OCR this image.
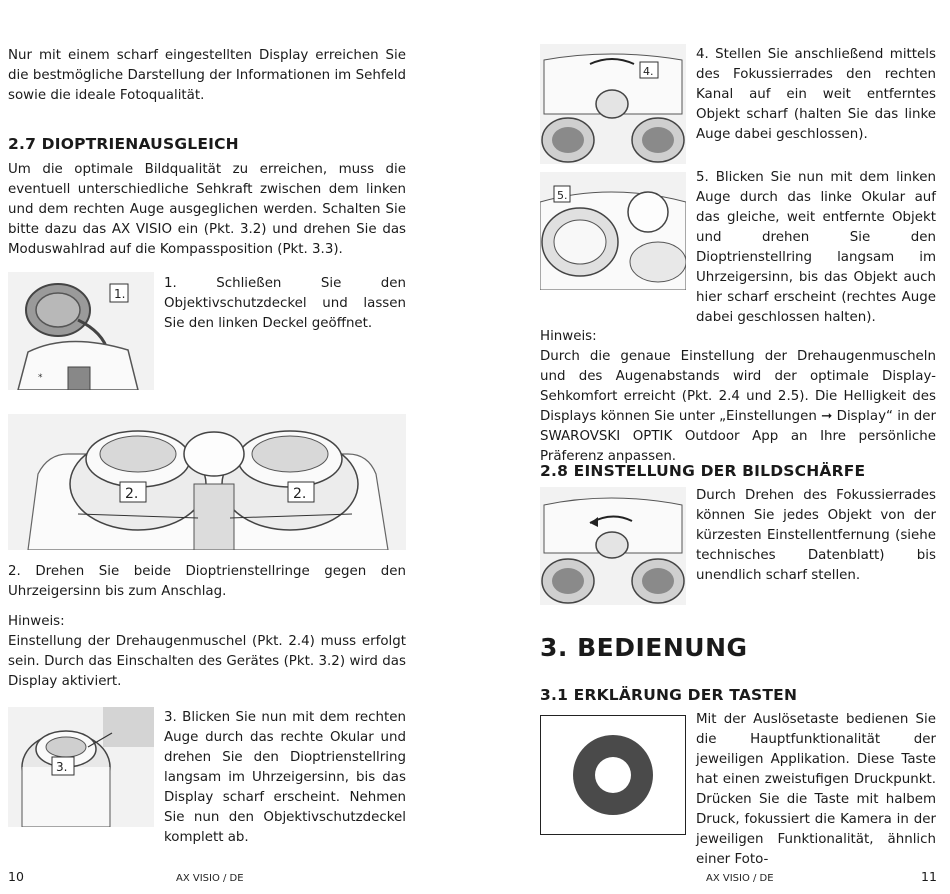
Nur mit einem scharf eingestellten Display erreichen Sie die bestmögliche Darstellung der Informationen im Sehfeld sowie die ideale Fotoqualität.

2.7 DIOPTRIENAUSGLEICH

Um die optimale Bildqualität zu erreichen, muss die eventuell unterschiedliche Sehkraft zwischen dem linken und dem rechten Auge ausgeglichen werden. Schalten Sie bitte dazu das AX VISIO ein (Pkt. 3.2) und drehen Sie das Moduswahlrad auf die Kompassposition (Pkt. 3.3).

*
1.

1.	Schließen Sie den Objektivschutzdeckel und lassen Sie den linken Deckel geöffnet.

2.	2.

2. Drehen Sie beide Dioptrienstellringe gegen den Uhrzeigersinn bis zum Anschlag.

Hinweis:

Einstellung der Drehaugenmuschel (Pkt. 2.4) muss erfolgt sein. Durch das Einschalten des Gerätes (Pkt. 3.2) wird das Display aktiviert.

3.

3. Blicken Sie nun mit dem rechten Auge durch das rechte Okular und drehen Sie den Dioptrienstellring langsam im Uhrzeigersinn, bis das Display scharf erscheint. Nehmen Sie nun den Objektivschutzdeckel komplett ab.

10	AX VISIO / DE
4.

4. Stellen Sie anschließend mittels des Fokussierrades den rechten Kanal auf ein weit entferntes Objekt scharf (halten Sie das linke Auge dabei geschlossen).

5.

5. Blicken Sie nun mit dem linken Auge durch das linke Okular auf das gleiche, weit entfernte Objekt und drehen Sie den Dioptrienstellring langsam im Uhrzeigersinn, bis das Objekt auch hier scharf erscheint (rechtes Auge dabei geschlossen halten).

Hinweis:

Durch die genaue Einstellung der Drehaugenmuscheln und des Augenabstands wird der optimale Display-Sehkomfort erreicht (Pkt. 2.4 und 2.5). Die Helligkeit des Displays können Sie unter „Einstellungen ➞ Display“ in der SWAROVSKI OPTIK Outdoor App an Ihre persönliche Präferenz anpassen.

2.8 EINSTELLUNG DER BILDSCHÄRFE

Durch Drehen des Fokussierrades können Sie jedes Objekt von der kürzesten Einstellentfernung (siehe technisches Datenblatt) bis unendlich scharf stellen.

3. BEDIENUNG
3.1 ERKLÄRUNG DER TASTEN

Mit der Auslösetaste bedienen Sie die Hauptfunktionalität der jeweiligen Applikation. Diese Taste hat einen zweistufigen Druckpunkt. Drücken Sie die Taste mit halbem Druck, fokussiert die Kamera in der jeweiligen Funktionalität, ähnlich einer Foto-

AX VISIO / DE	11
